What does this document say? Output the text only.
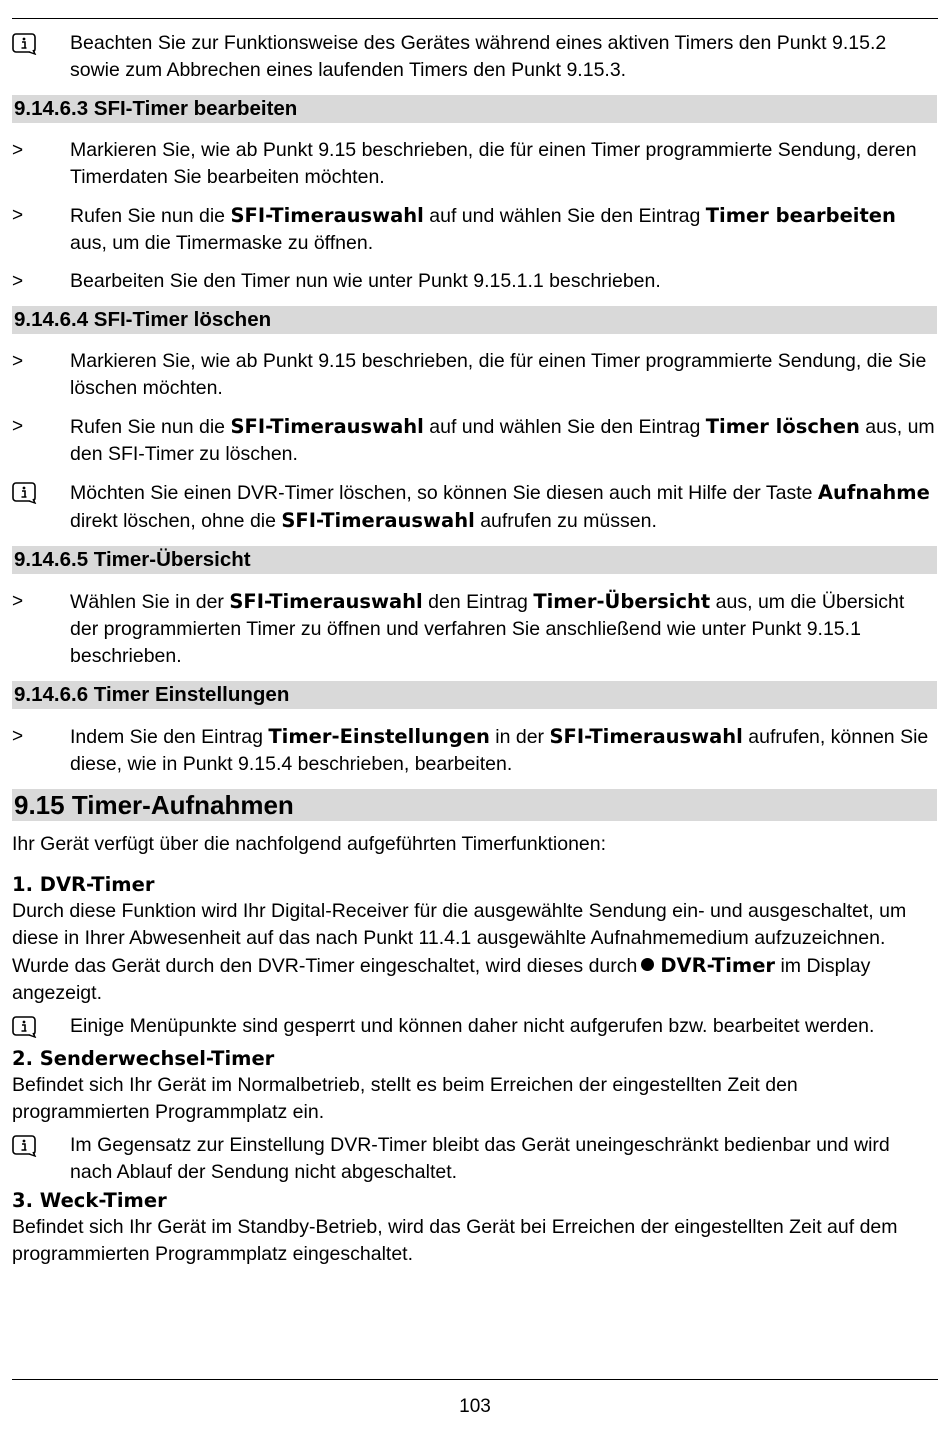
Beachten Sie zur Funktionsweise des Gerätes während eines aktiven Timers den Punkt 9.15.2 sowie zum Abbrechen eines laufenden Timers den Punkt 9.15.3.
9.14.6.3 SFI-Timer bearbeiten
>	Markieren Sie, wie ab Punkt 9.15 beschrieben, die für einen Timer programmierte Sendung, deren Timerdaten Sie bearbeiten möchten.
>	Rufen Sie nun die SFI-Timerauswahl auf und wählen Sie den Eintrag Timer bearbeiten aus, um die Timermaske zu öffnen.
>	Bearbeiten Sie den Timer nun wie unter Punkt 9.15.1.1 beschrieben.
9.14.6.4 SFI-Timer löschen
>	Markieren Sie, wie ab Punkt 9.15 beschrieben, die für einen Timer programmierte Sendung, die Sie löschen möchten.
>	Rufen Sie nun die SFI-Timerauswahl auf und wählen Sie den Eintrag Timer löschen aus, um den SFI-Timer zu löschen.
Möchten Sie einen DVR-Timer löschen, so können Sie diesen auch mit Hilfe der Taste Aufnahme direkt löschen, ohne die SFI-Timerauswahl aufrufen zu müssen.
9.14.6.5 Timer-Übersicht
>	Wählen Sie in der SFI-Timerauswahl den Eintrag Timer-Übersicht aus, um die Übersicht der programmierten Timer zu öffnen und verfahren Sie anschließend wie unter Punkt 9.15.1 beschrieben.
9.14.6.6 Timer Einstellungen
>	Indem Sie den Eintrag Timer-Einstellungen in der SFI-Timerauswahl aufrufen, können Sie diese, wie in Punkt 9.15.4 beschrieben, bearbeiten.
9.15 Timer-Aufnahmen

Ihr Gerät verfügt über die nachfolgend aufgeführten Timerfunktionen:

1. DVR-Timer

Durch diese Funktion wird Ihr Digital-Receiver für die ausgewählte Sendung ein- und ausgeschaltet, um diese in Ihrer Abwesenheit auf das nach Punkt 11.4.1 ausgewählte Aufnahmemedium aufzuzeichnen.

Wurde das Gerät durch den DVR-Timer eingeschaltet, wird dieses durch DVR-Timer im Display angezeigt.

Einige Menüpunkte sind gesperrt und können daher nicht aufgerufen bzw. bearbeitet werden.
2. Senderwechsel-Timer

Befindet sich Ihr Gerät im Normalbetrieb, stellt es beim Erreichen der eingestellten Zeit den programmierten Programmplatz ein.

Im Gegensatz zur Einstellung DVR-Timer bleibt das Gerät uneingeschränkt bedienbar und wird nach Ablauf der Sendung nicht abgeschaltet.
3. Weck-Timer

Befindet sich Ihr Gerät im Standby-Betrieb, wird das Gerät bei Erreichen der eingestellten Zeit auf dem programmierten Programmplatz eingeschaltet.

103
